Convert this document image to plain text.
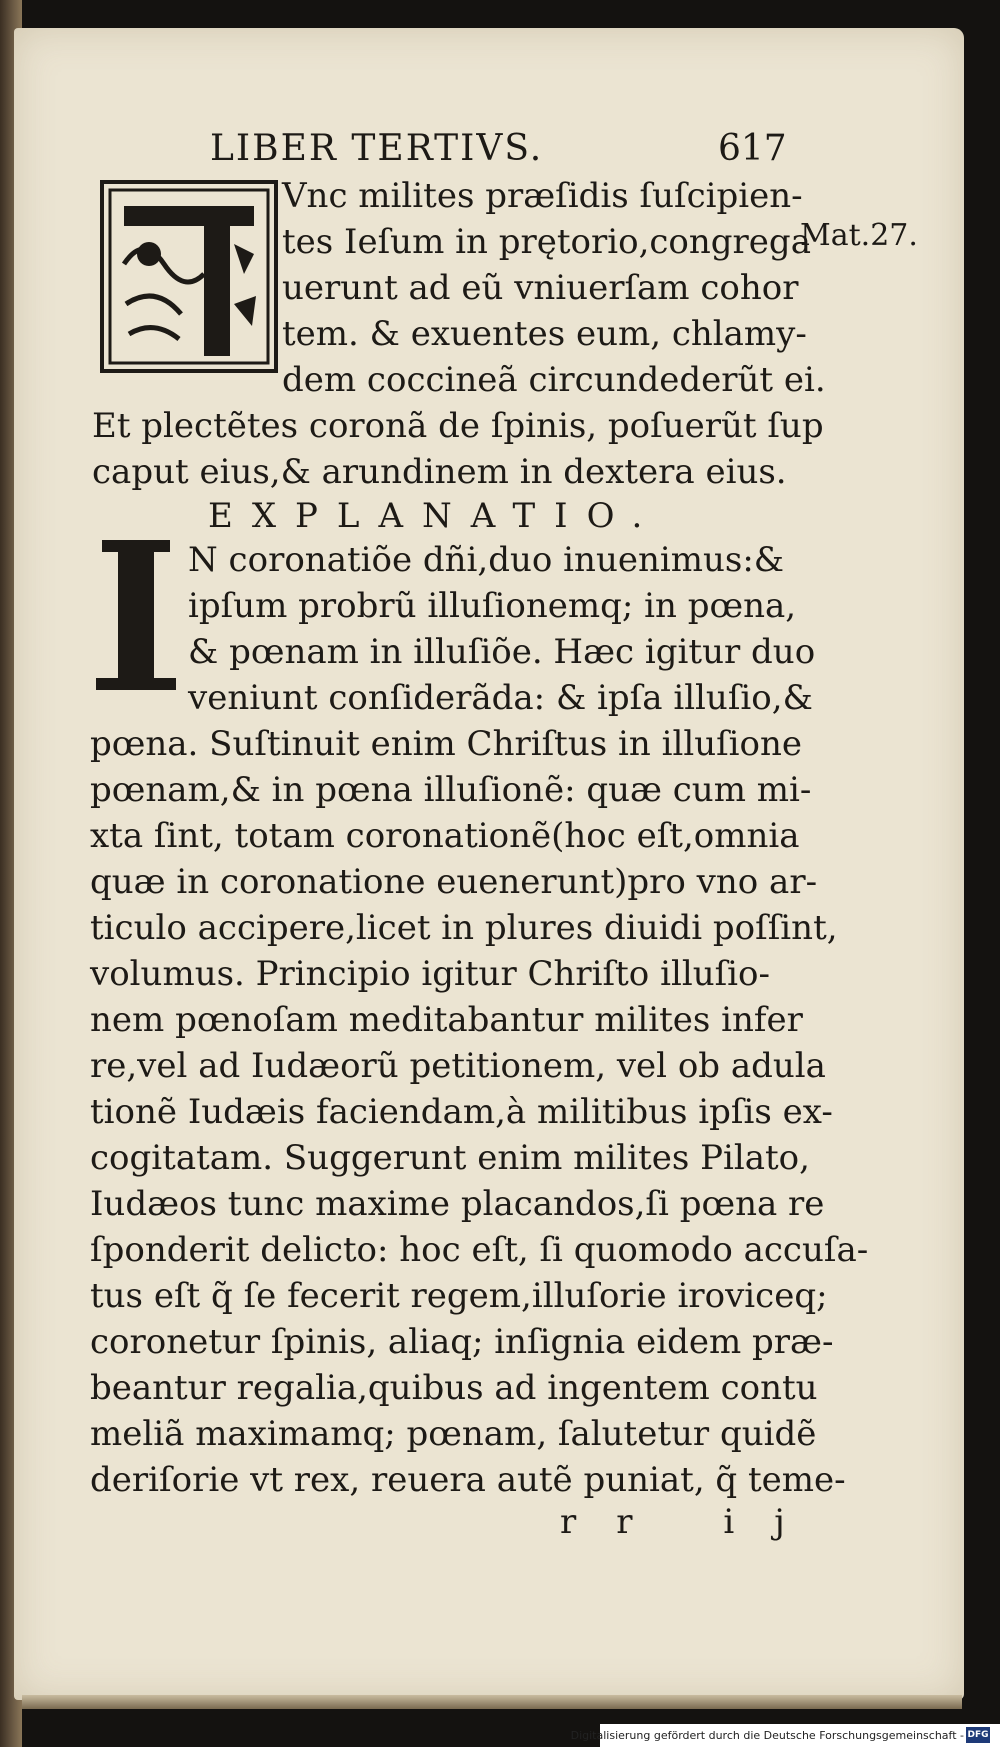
LIBER TERTIVS.	617
Mat.27.
Vnc milites præſidis ſuſcipien-
tes Ieſum in prętorio,congrega
uerunt ad eũ vniuerſam cohor
tem. & exuentes eum, chlamy-
dem coccineã circundederũt ei.
Et plectẽtes coronã de ſpinis, poſuerũt ſup
caput eius,& arundinem in dextera eius.
EXPLANATIO.
N coronatiõe dñi,duo inuenimus:&
ipſum probrũ illuſionemq; in pœna,
& pœnam in illuſiõe. Hæc igitur duo
veniunt conſiderãda: & ipſa illuſio,&
pœna. Suſtinuit enim Chriſtus in illuſione
pœnam,& in pœna illuſionẽ: quæ cum mi-
xta ſint, totam coronationẽ(hoc eſt,omnia
quæ in coronatione euenerunt)pro vno ar-
ticulo accipere,licet in plures diuidi poſſint,
volumus. Principio igitur Chriſto illuſio-
nem pœnoſam meditabantur milites infer
re,vel ad Iudæorũ petitionem, vel ob adula
tionẽ Iudæis faciendam,à militibus ipſis ex-
cogitatam. Suggerunt enim milites Pilato,
Iudæos tunc maxime placandos,ſi pœna re
ſponderit delicto: hoc eſt, ſi quomodo accuſa-
tus eſt q̃ ſe fecerit regem,illuſorie iroviceq;
coronetur ſpinis, aliaq; inſignia eidem præ-
beantur regalia,quibus ad ingentem contu
meliã maximamq; pœnam, ſalutetur quidẽ
deriſorie vt rex, reuera autẽ puniat, q̃ teme-
rr ij
Digitalisierung gefördert durch die Deutsche Forschungsgemeinschaft - DFG
